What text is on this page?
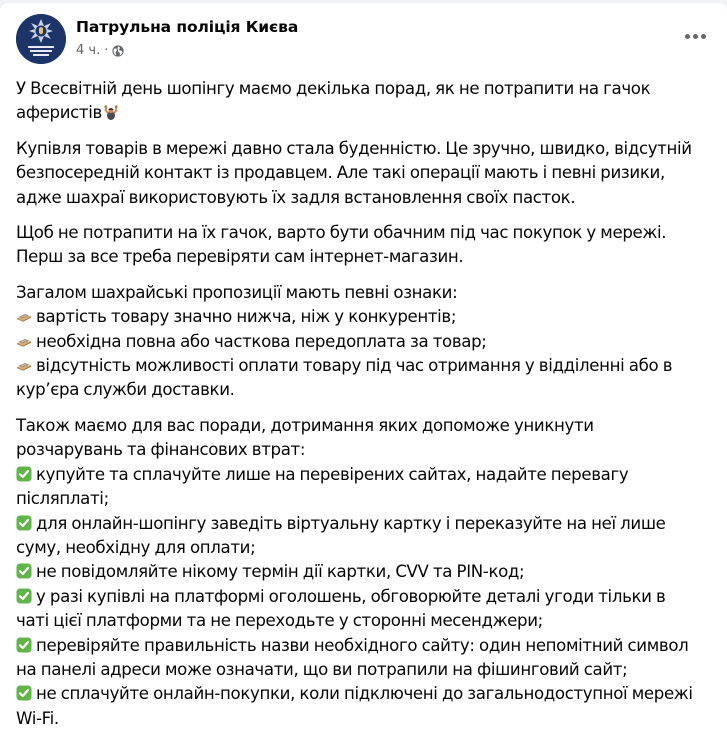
Патрульна поліція Києва
4 ч. ·
У Всесвітній день шопінгу маємо декілька порад, як не потрапити на гачок
аферистів
Купівля товарів в мережі давно стала буденністю. Це зручно, швидко, відсутній
безпосередній контакт із продавцем. Але такі операції мають і певні ризики,
адже шахраї використовують їх задля встановлення своїх пасток.
Щоб не потрапити на їх гачок, варто бути обачним під час покупок у мережі.
Перш за все треба перевіряти сам інтернет-магазин.
Загалом шахрайські пропозиції мають певні ознаки:
вартість товару значно нижча, ніж у конкурентів;
необхідна повна або часткова передоплата за товар;
відсутність можливості оплати товару під час отримання у відділенні або в
кур’єра служби доставки.
Також маємо для вас поради, дотримання яких допоможе уникнути
розчарувань та фінансових втрат:
купуйте та сплачуйте лише на перевірених сайтах, надайте перевагу
післяплаті;
для онлайн-шопінгу заведіть віртуальну картку і переказуйте на неї лише
суму, необхідну для оплати;
не повідомляйте нікому термін дії картки, CVV та PIN-код;
у разі купівлі на платформі оголошень, обговорюйте деталі угоди тільки в
чаті цієї платформи та не переходьте у сторонні месенджери;
перевіряйте правильність назви необхідного сайту: один непомітний символ
на панелі адреси може означати, що ви потрапили на фішинговий сайт;
не сплачуйте онлайн-покупки, коли підключені до загальнодоступної мережі
Wi-Fi.
